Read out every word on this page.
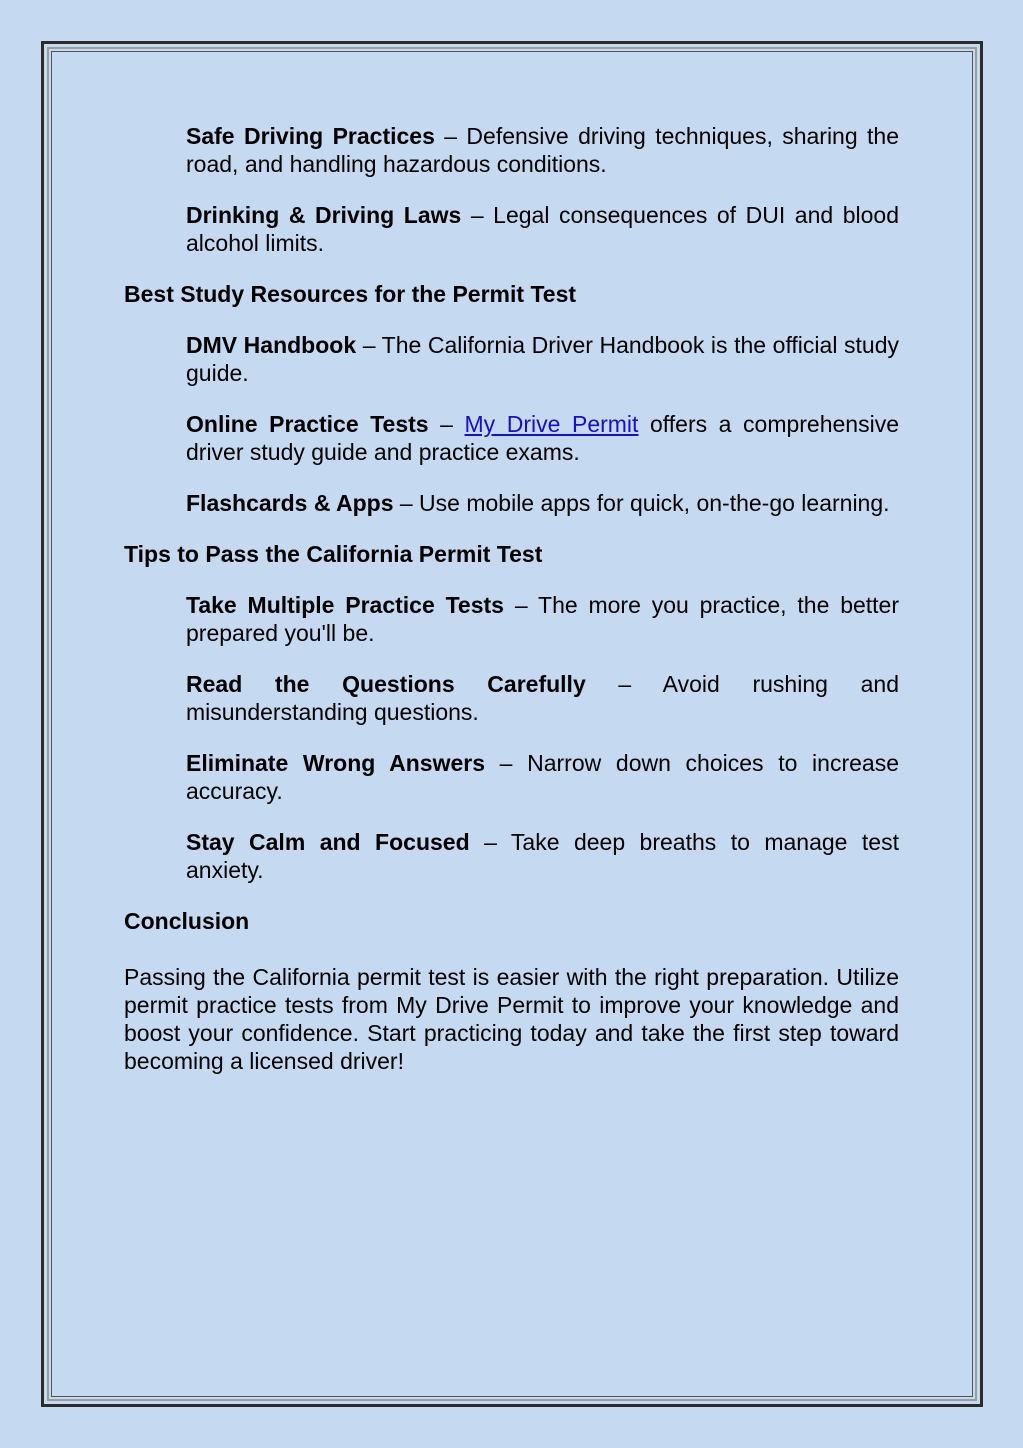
Safe Driving Practices – Defensive driving techniques, sharing the road, and handling hazardous conditions.

Drinking & Driving Laws – Legal consequences of DUI and blood alcohol limits.

Best Study Resources for the Permit Test

DMV Handbook – The California Driver Handbook is the official study guide.

Online Practice Tests – My Drive Permit offers a comprehensive driver study guide and practice exams.

Flashcards & Apps – Use mobile apps for quick, on-the-go learning.

Tips to Pass the California Permit Test

Take Multiple Practice Tests – The more you practice, the better prepared you'll be.

Read the Questions Carefully – Avoid rushing and misunderstanding questions.

Eliminate Wrong Answers – Narrow down choices to increase accuracy.

Stay Calm and Focused – Take deep breaths to manage test anxiety.

Conclusion

Passing the California permit test is easier with the right preparation. Utilize permit practice tests from My Drive Permit to improve your knowledge and boost your confidence. Start practicing today and take the first step toward becoming a licensed driver!
